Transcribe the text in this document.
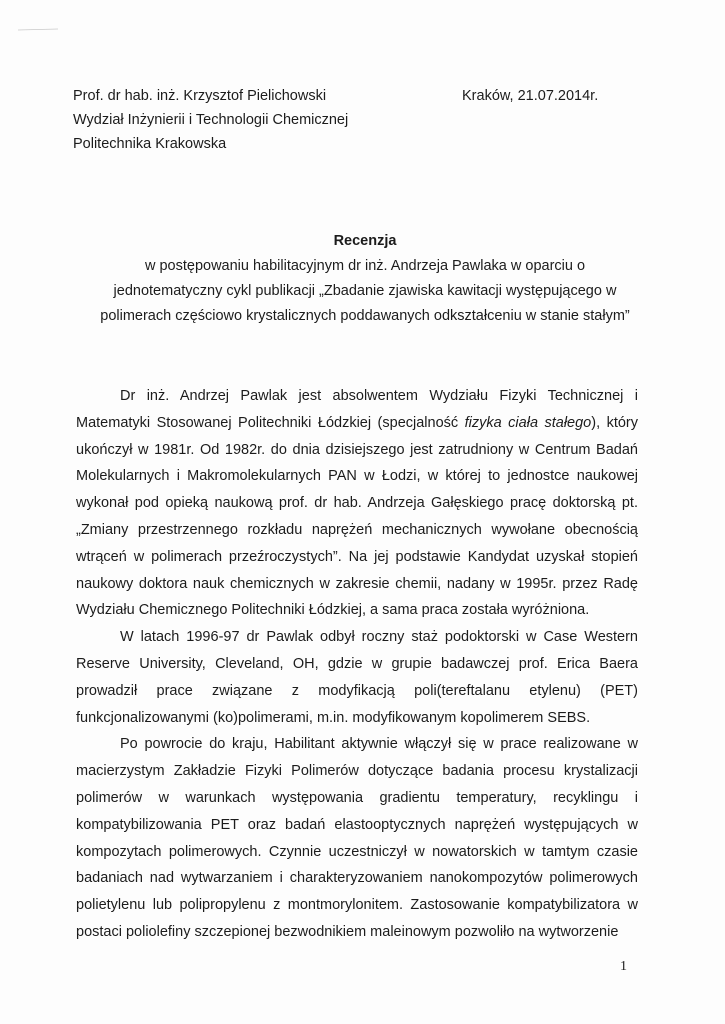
Prof. dr hab. inż. Krzysztof Pielichowski
Wydział Inżynierii i Technologii Chemicznej
Politechnika Krakowska
Kraków, 21.07.2014r.
Recenzja
w postępowaniu habilitacyjnym dr inż. Andrzeja Pawlaka w oparciu o
jednotematyczny cykl publikacji „Zbadanie zjawiska kawitacji występującego w
polimerach częściowo krystalicznych poddawanych odkształceniu w stanie stałym”

Dr inż. Andrzej Pawlak jest absolwentem Wydziału Fizyki Technicznej i Matematyki Stosowanej Politechniki Łódzkiej (specjalność fizyka ciała stałego), który ukończył w 1981r. Od 1982r. do dnia dzisiejszego jest zatrudniony w Centrum Badań Molekularnych i Makromolekularnych PAN w Łodzi, w której to jednostce naukowej wykonał pod opieką naukową prof. dr hab. Andrzeja Gałęskiego pracę doktorską pt. „Zmiany przestrzennego rozkładu naprężeń mechanicznych wywołane obecnością wtrąceń w polimerach przeźroczystych”. Na jej podstawie Kandydat uzyskał stopień naukowy doktora nauk chemicznych w zakresie chemii, nadany w 1995r. przez Radę Wydziału Chemicznego Politechniki Łódzkiej, a sama praca została wyróżniona.

W latach 1996-97 dr Pawlak odbył roczny staż podoktorski w Case Western Reserve University, Cleveland, OH, gdzie w grupie badawczej prof. Erica Baera prowadził prace związane z modyfikacją poli(tereftalanu etylenu) (PET) funkcjonalizowanymi (ko)polimerami, m.in. modyfikowanym kopolimerem SEBS.

Po powrocie do kraju, Habilitant aktywnie włączył się w prace realizowane w macierzystym Zakładzie Fizyki Polimerów dotyczące badania procesu krystalizacji polimerów w warunkach występowania gradientu temperatury, recyklingu i kompatybilizowania PET oraz badań elastooptycznych naprężeń występujących w kompozytach polimerowych. Czynnie uczestniczył w nowatorskich w tamtym czasie badaniach nad wytwarzaniem i charakteryzowaniem nanokompozytów polimerowych polietylenu lub polipropylenu z montmorylonitem. Zastosowanie kompatybilizatora w postaci poliolefiny szczepionej bezwodnikiem maleinowym pozwoliło na wytworzenie

1
